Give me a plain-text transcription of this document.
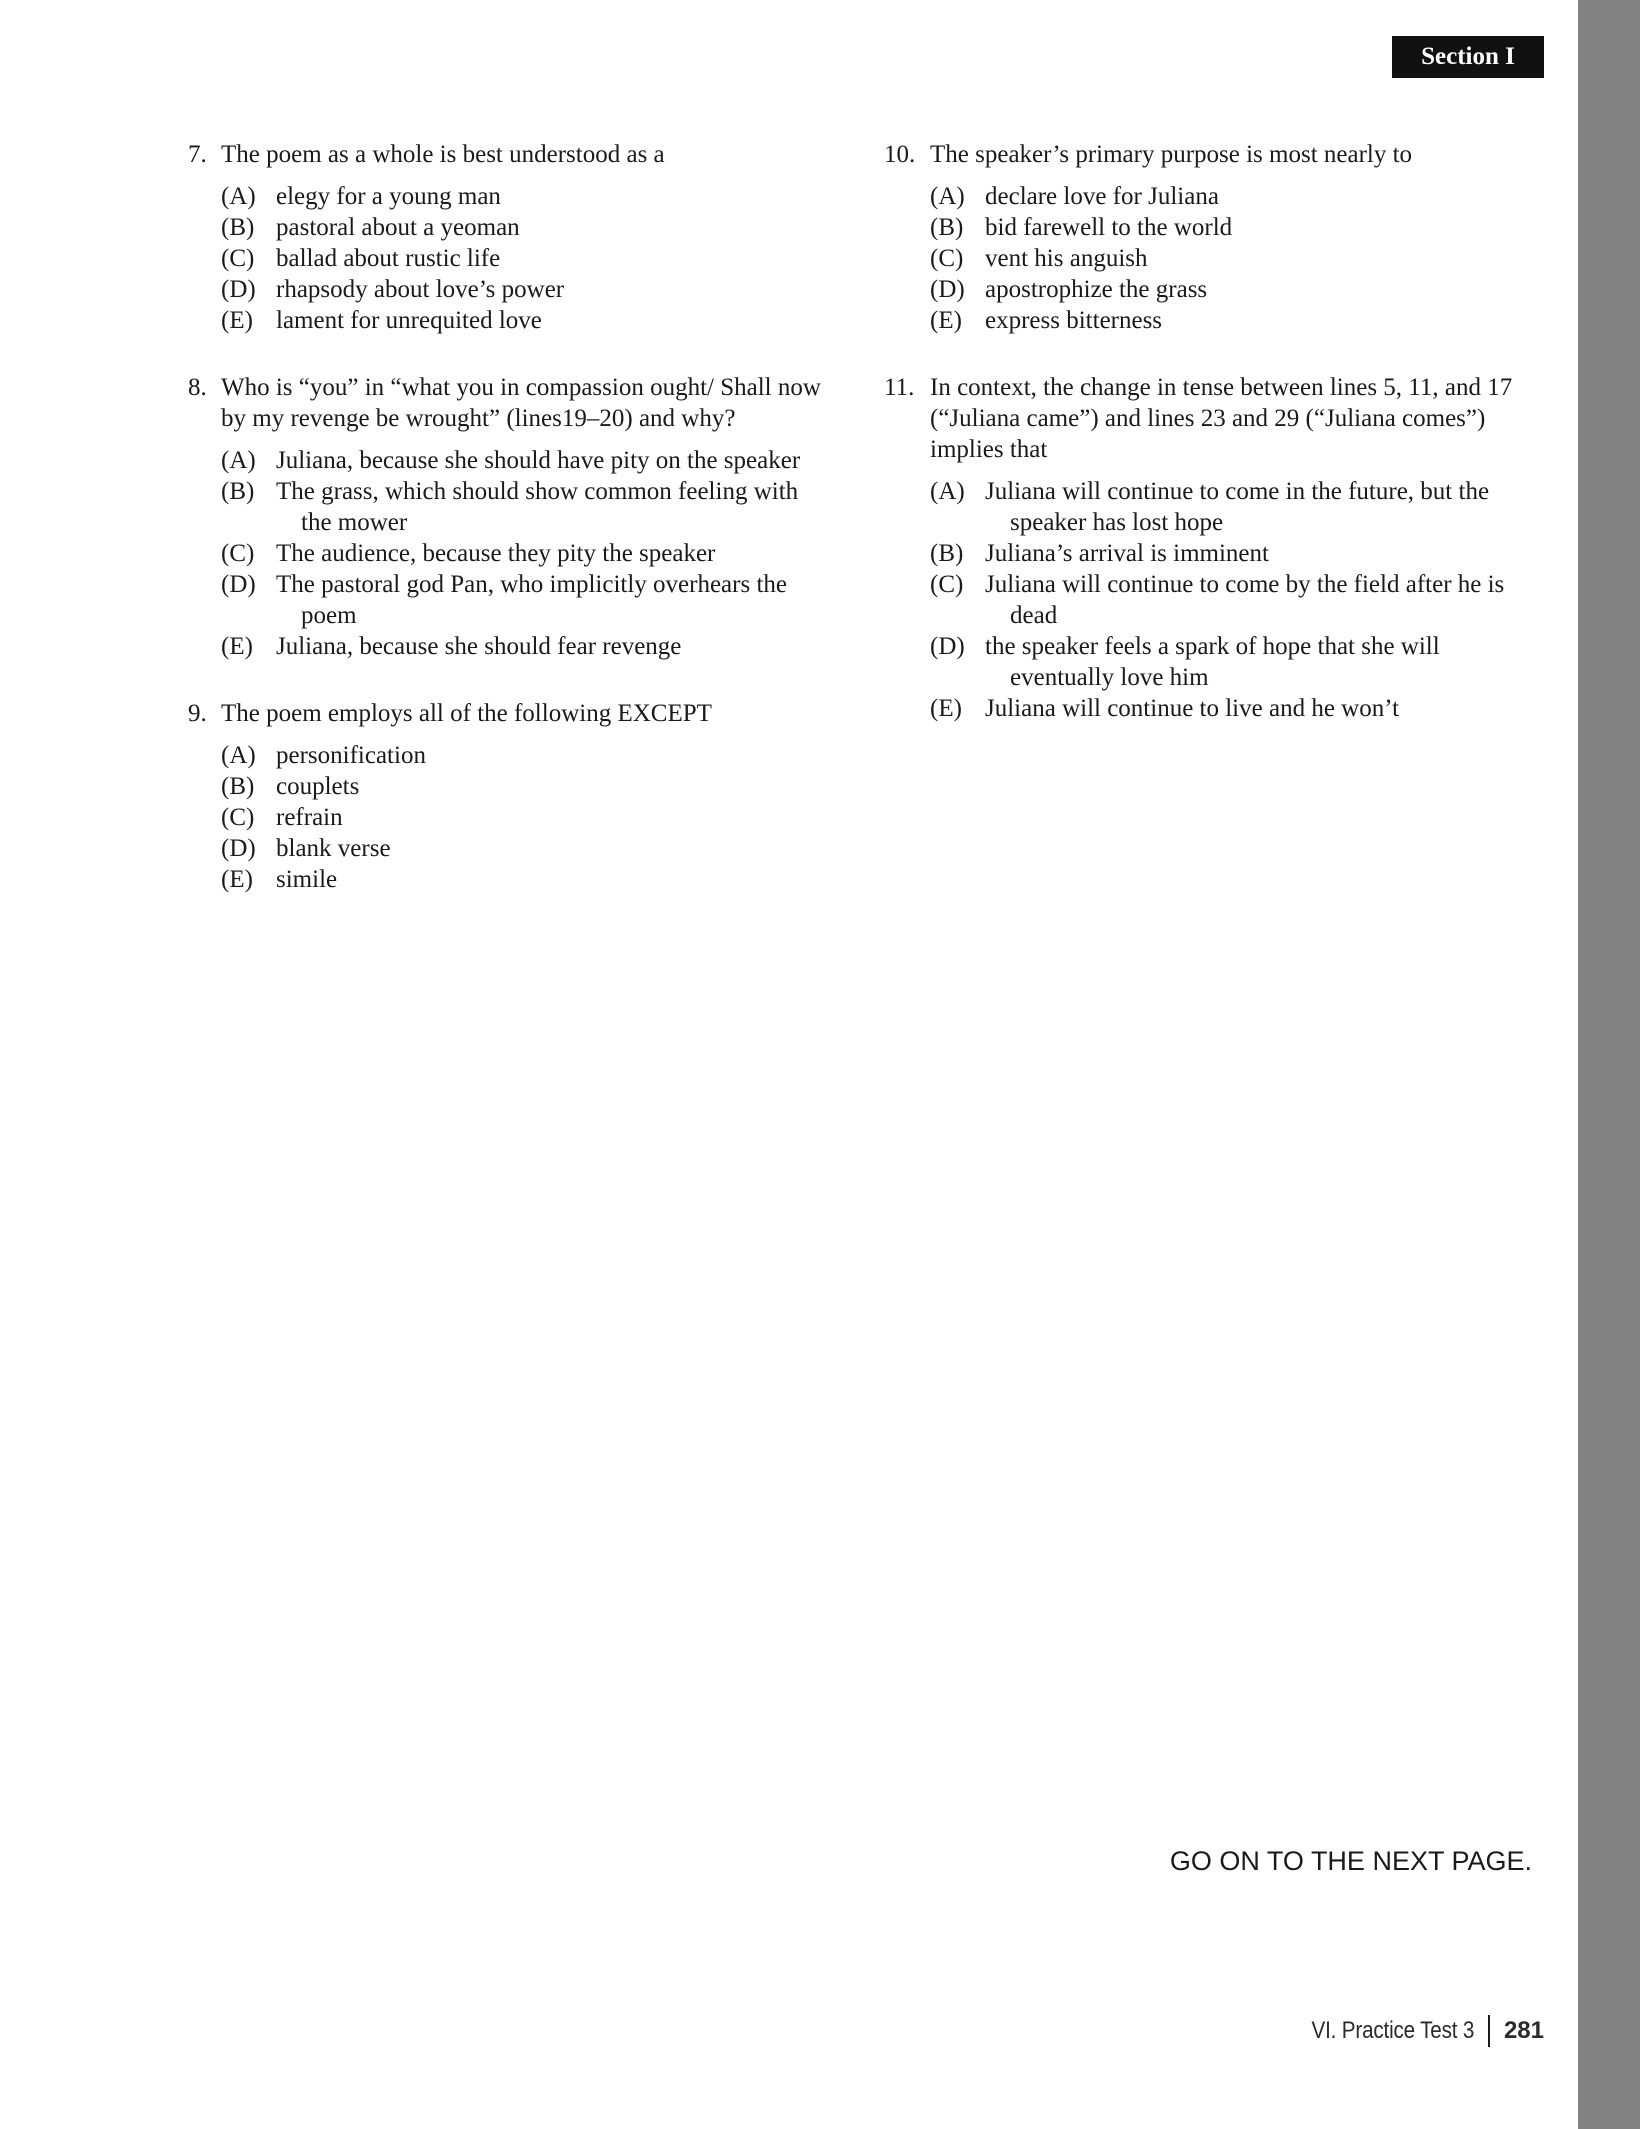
Section I
7. The poem as a whole is best understood as a
(A) elegy for a young man
(B) pastoral about a yeoman
(C) ballad about rustic life
(D) rhapsody about love’s power
(E) lament for unrequited love
8. Who is “you” in “what you in compassion ought/ Shall now by my revenge be wrought” (lines19–20) and why?
(A) Juliana, because she should have pity on the speaker
(B) The grass, which should show common feeling with the mower
(C) The audience, because they pity the speaker
(D) The pastoral god Pan, who implicitly overhears the poem
(E) Juliana, because she should fear revenge
9. The poem employs all of the following EXCEPT
(A) personification
(B) couplets
(C) refrain
(D) blank verse
(E) simile
10. The speaker’s primary purpose is most nearly to
(A) declare love for Juliana
(B) bid farewell to the world
(C) vent his anguish
(D) apostrophize the grass
(E) express bitterness
11. In context, the change in tense between lines 5, 11, and 17 (“Juliana came”) and lines 23 and 29 (“Juliana comes”) implies that
(A) Juliana will continue to come in the future, but the speaker has lost hope
(B) Juliana’s arrival is imminent
(C) Juliana will continue to come by the field after he is dead
(D) the speaker feels a spark of hope that she will eventually love him
(E) Juliana will continue to live and he won’t
GO ON TO THE NEXT PAGE.
VI. Practice Test 3 281
